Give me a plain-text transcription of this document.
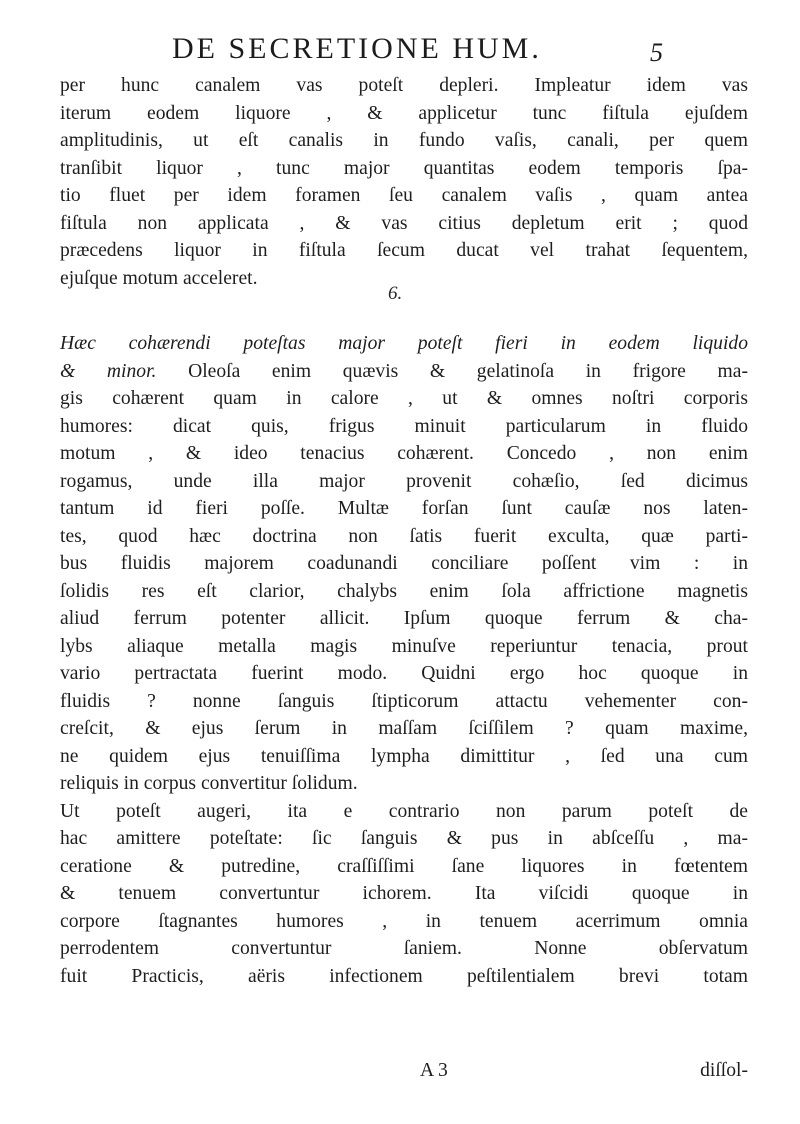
DE SECRETIONE HUM.	5
per hunc canalem vas poteſt depleri. Impleatur idem vas
iterum eodem liquore , & applicetur tunc fiſtula ejuſdem
amplitudinis, ut eſt canalis in fundo vaſis, canali, per quem
tranſibit liquor , tunc major quantitas eodem temporis ſpa-
tio fluet per idem foramen ſeu canalem vaſis , quam antea
fiſtula non applicata , & vas citius depletum erit ; quod
præcedens liquor in fiſtula ſecum ducat vel trahat ſequentem,
ejuſque motum acceleret.
6.
Hæc cohærendi poteſtas major poteſt fieri in eodem liquido
& minor. Oleoſa enim quævis & gelatinoſa in frigore ma-
gis cohærent quam in calore , ut & omnes noſtri corporis
humores: dicat quis, frigus minuit particularum in fluido
motum , & ideo tenacius cohærent. Concedo , non enim
rogamus, unde illa major provenit cohæſio, ſed dicimus
tantum id fieri poſſe. Multæ forſan ſunt cauſæ nos laten-
tes, quod hæc doctrina non ſatis fuerit exculta, quæ parti-
bus fluidis majorem coadunandi conciliare poſſent vim : in
ſolidis res eſt clarior, chalybs enim ſola affrictione magnetis
aliud ferrum potenter allicit. Ipſum quoque ferrum & cha-
lybs aliaque metalla magis minuſve reperiuntur tenacia, prout
vario pertractata fuerint modo. Quidni ergo hoc quoque in
fluidis ? nonne ſanguis ſtipticorum attactu vehementer con-
creſcit, & ejus ſerum in maſſam ſciſſilem ? quam maxime,
ne quidem ejus tenuiſſima lympha dimittitur , ſed una cum
reliquis in corpus convertitur ſolidum.
Ut poteſt augeri, ita e contrario non parum poteſt de
hac amittere poteſtate: ſic ſanguis & pus in abſceſſu , ma-
ceratione & putredine, craſſiſſimi ſane liquores in fœtentem
& tenuem convertuntur ichorem. Ita viſcidi quoque in
corpore ſtagnantes humores , in tenuem acerrimum omnia
perrodentem convertuntur ſaniem. Nonne obſervatum
fuit Practicis, aëris infectionem peſtilentialem brevi totam
A 3	diſſol-
